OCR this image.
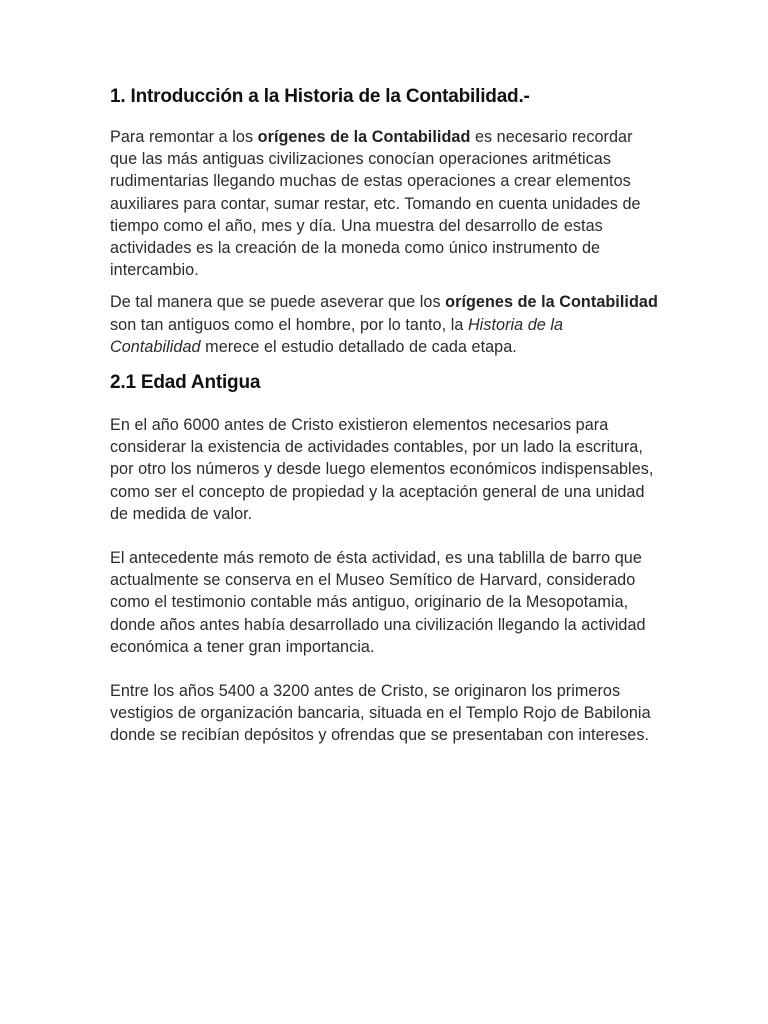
1. Introducción a la Historia de la Contabilidad.-

Para remontar a los orígenes de la Contabilidad es necesario recordar que las más antiguas civilizaciones conocían operaciones aritméticas rudimentarias llegando muchas de estas operaciones a crear elementos auxiliares para contar, sumar restar, etc. Tomando en cuenta unidades de tiempo como el año, mes y día. Una muestra del desarrollo de estas actividades es la creación de la moneda como único instrumento de intercambio.

De tal manera que se puede aseverar que los orígenes de la Contabilidad son tan antiguos como el hombre, por lo tanto, la Historia de la Contabilidad merece el estudio detallado de cada etapa.

2.1 Edad Antigua

En el año 6000 antes de Cristo existieron elementos necesarios para considerar la existencia de actividades contables, por un lado la escritura, por otro los números y desde luego elementos económicos indispensables, como ser el concepto de propiedad y la aceptación general de una unidad de medida de valor.

El antecedente más remoto de ésta actividad, es una tablilla de barro que actualmente se conserva en el Museo Semítico de Harvard, considerado como el testimonio contable más antiguo, originario de la Mesopotamia, donde años antes había desarrollado una civilización llegando la actividad económica a tener gran importancia.

Entre los años 5400 a 3200 antes de Cristo, se originaron los primeros vestigios de organización bancaria, situada en el Templo Rojo de Babilonia donde se recibían depósitos y ofrendas que se presentaban con intereses.
